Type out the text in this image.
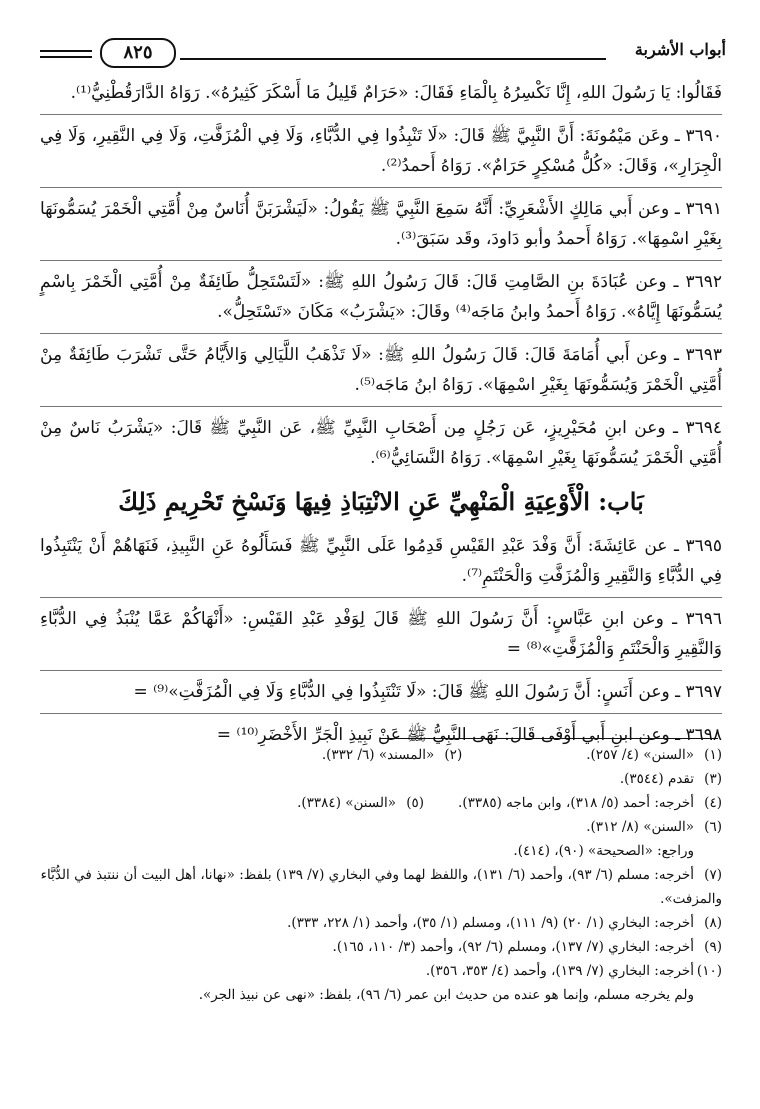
أبواب الأشربة
٨٢٥

فَقَالُوا: يَا رَسُولَ اللهِ، إِنَّا نَكْسِرُهُ بِالْمَاءِ فَقَالَ: «حَرَامٌ قَلِيلُ مَا أَسْكَرَ كَثِيرُهُ». رَوَاهُ الدَّارَقُطْنِيُّ⁽¹⁾.

٣٦٩٠ ـ وعَن مَيْمُونَةَ: أَنَّ النَّبِيَّ ﷺ قَالَ: «لَا تَنْبِذُوا فِي الدُّبَّاءِ، وَلَا فِي الْمُزَفَّتِ، وَلَا فِي النَّقِيرِ، وَلَا فِي الْجِرَارِ»، وَقَالَ: «كُلُّ مُسْكِرٍ حَرَامٌ». رَوَاهُ أَحمدُ⁽²⁾.

٣٦٩١ ـ وعن أَبي مَالِكٍ الأَشْعَرِيِّ: أَنَّهُ سَمِعَ النَّبِيَّ ﷺ يَقُولُ: «لَيَشْرَبَنَّ أُنَاسٌ مِنْ أُمَّتِي الْخَمْرَ يُسَمُّونَهَا بِغَيْرِ اسْمِهَا». رَوَاهُ أَحمدُ وأبو دَاودَ، وقَد سَبَقَ⁽³⁾.

٣٦٩٢ ـ وعن عُبَادَةَ بنِ الصَّامِتِ قَالَ: قَالَ رَسُولُ اللهِ ﷺ: «لَتَسْتَحِلُّ طَائِفَةٌ مِنْ أُمَّتِي الْخَمْرَ بِاسْمٍ يُسَمُّونَهَا إِيَّاهُ». رَوَاهُ أَحمدُ وابنُ مَاجَه⁽⁴⁾ وقَالَ: «يَشْرَبُ» مَكَانَ «تَسْتَحِلُّ».

٣٦٩٣ ـ وعن أَبي أُمَامَةَ قَالَ: قَالَ رَسُولُ اللهِ ﷺ: «لَا تَذْهَبُ اللَّيَالِي وَالأَيَّامُ حَتَّى تَشْرَبَ طَائِفَةٌ مِنْ أُمَّتِي الْخَمْرَ وَيُسَمُّونَهَا بِغَيْرِ اسْمِهَا». رَوَاهُ ابنُ مَاجَه⁽⁵⁾.

٣٦٩٤ ـ وعن ابنِ مُحَيْرِيزٍ، عَن رَجُلٍ مِن أَصْحَابِ النَّبِيِّ ﷺ، عَن النَّبِيِّ ﷺ قَالَ: «يَشْرَبُ نَاسٌ مِنْ أُمَّتِي الْخَمْرَ يُسَمُّونَهَا بِغَيْرِ اسْمِهَا». رَوَاهُ النَّسَائِيُّ⁽⁶⁾.

بَاب: الْأَوْعِيَةِ الْمَنْهِيِّ عَنِ الانْتِبَاذِ فِيهَا وَنَسْخِ تَحْرِيمِ ذَلِكَ

٣٦٩٥ ـ عن عَائِشَةَ: أَنَّ وَفْدَ عَبْدِ القَيْسِ قَدِمُوا عَلَى النَّبِيِّ ﷺ فَسَأَلُوهُ عَنِ النَّبِيذِ، فَنَهَاهُمْ أَنْ يَنْتَبِذُوا فِي الدُّبَّاءِ وَالنَّقِيرِ وَالْمُزَفَّتِ وَالْحَنْتَمِ⁽⁷⁾.

٣٦٩٦ ـ وعن ابنِ عَبَّاسٍ: أَنَّ رَسُولَ اللهِ ﷺ قَالَ لِوَفْدِ عَبْدِ القَيْسِ: «أَنْهَاكُمْ عَمَّا يُنْبَذُ فِي الدُّبَّاءِ وَالنَّقِيرِ وَالْحَنْتَمِ وَالْمُزَفَّتِ»⁽⁸⁾ =

٣٦٩٧ ـ وعن أَنَسٍ: أَنَّ رَسُولَ اللهِ ﷺ قَالَ: «لَا تَنْتَبِذُوا فِي الدُّبَّاءِ وَلَا فِي الْمُزَفَّتِ»⁽⁹⁾ =

٣٦٩٨ ـ وعن ابنِ أَبي أَوْفَى قَالَ: نَهَى النَّبِيُّ ﷺ عَنْ نَبِيذِ الْجَرِّ الأَخْضَرِ⁽¹⁰⁾ =

(١)«السنن» (٤/ ٢٥٧).
(٢)«المسند» (٦/ ٣٣٢).
(٣)تقدم (٣٥٤٤).
(٤)أخرجه: أحمد (٥/ ٣١٨)، وابن ماجه (٣٣٨٥).
(٥)«السنن» (٣٣٨٤).
(٦)«السنن» (٨/ ٣١٢).
وراجع: «الصحيحة» (٩٠)، (٤١٤).
(٧)أخرجه: مسلم (٦/ ٩٣)، وأحمد (٦/ ١٣١)، واللفظ لهما وفي البخاري (٧/ ١٣٩) بلفظ: «نهانا، أهل البيت أن ننتبذ في الدُّبَّاء والمزفت».
(٨)أخرجه: البخاري (١/ ٢٠) (٩/ ١١١)، ومسلم (١/ ٣٥)، وأحمد (١/ ٢٢٨، ٣٣٣).
(٩)أخرجه: البخاري (٧/ ١٣٧)، ومسلم (٦/ ٩٢)، وأحمد (٣/ ١١٠، ١٦٥).
(١٠)أخرجه: البخاري (٧/ ١٣٩)، وأحمد (٤/ ٣٥٣، ٣٥٦).
ولم يخرجه مسلم، وإنما هو عنده من حديث ابن عمر (٦/ ٩٦)، بلفظ: «نهى عن نبيذ الجر».
